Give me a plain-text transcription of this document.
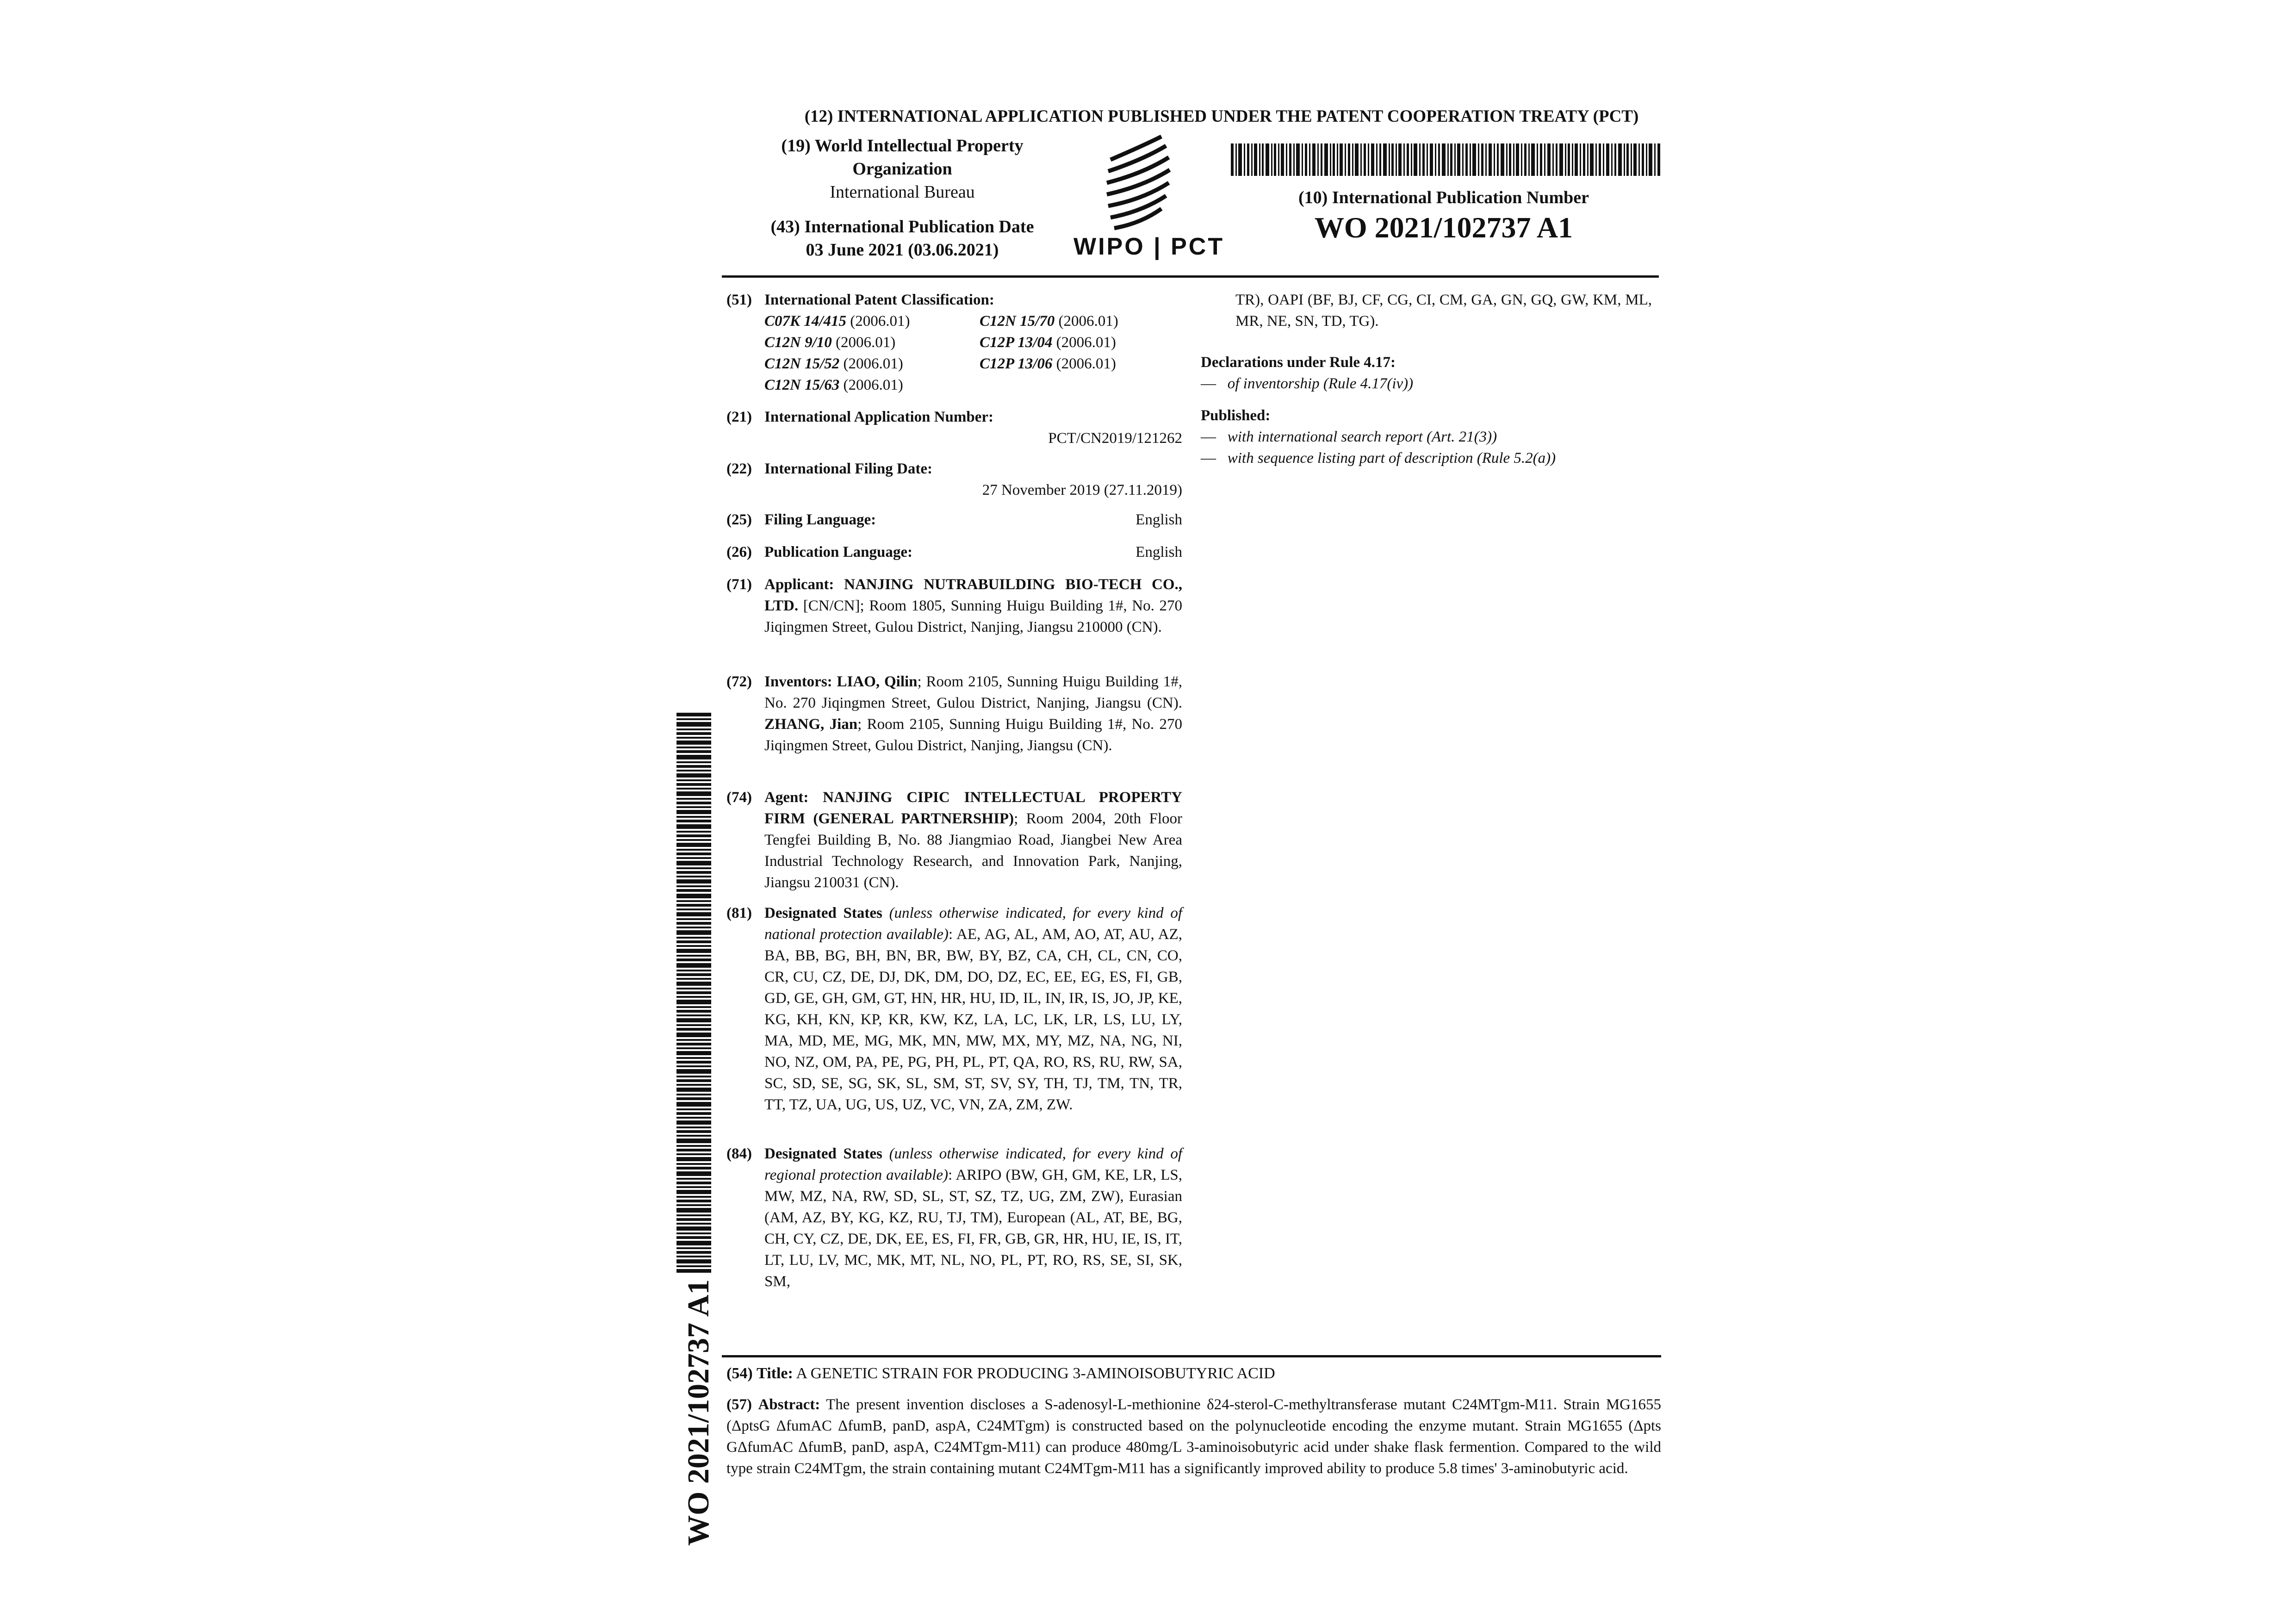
(12) INTERNATIONAL APPLICATION PUBLISHED UNDER THE PATENT COOPERATION TREATY (PCT)
(19) World Intellectual Property
Organization
International Bureau
(43) International Publication Date
03 June 2021 (03.06.2021)	WIPO | PCT
(10) International Publication Number
WO 2021/102737 A1
(51) International Patent Classification:
C07K 14/415 (2006.01)	C12N 15/70 (2006.01)
C12N 9/10 (2006.01)	C12P 13/04 (2006.01)
C12N 15/52 (2006.01)	C12P 13/06 (2006.01)
C12N 15/63 (2006.01)
(21) International Application Number:
PCT/CN2019/121262
(22) International Filing Date:
27 November 2019 (27.11.2019)
(25) Filing Language:	English
(26) Publication Language:	English
(71) Applicant: NANJING NUTRABUILDING BIO-TECH CO., LTD. [CN/CN]; Room 1805, Sunning Huigu Building 1#, No. 270 Jiqingmen Street, Gulou District, Nanjing, Jiangsu 210000 (CN).
(72) Inventors: LIAO, Qilin; Room 2105, Sunning Huigu Building 1#, No. 270 Jiqingmen Street, Gulou District, Nanjing, Jiangsu (CN). ZHANG, Jian; Room 2105, Sunning Huigu Building 1#, No. 270 Jiqingmen Street, Gulou District, Nanjing, Jiangsu (CN).
(74) Agent: NANJING CIPIC INTELLECTUAL PROPERTY FIRM (GENERAL PARTNERSHIP); Room 2004, 20th Floor Tengfei Building B, No. 88 Jiangmiao Road, Jiangbei New Area Industrial Technology Research, and Innovation Park, Nanjing, Jiangsu 210031 (CN).
(81) Designated States (unless otherwise indicated, for every kind of national protection available): AE, AG, AL, AM, AO, AT, AU, AZ, BA, BB, BG, BH, BN, BR, BW, BY, BZ, CA, CH, CL, CN, CO, CR, CU, CZ, DE, DJ, DK, DM, DO, DZ, EC, EE, EG, ES, FI, GB, GD, GE, GH, GM, GT, HN, HR, HU, ID, IL, IN, IR, IS, JO, JP, KE, KG, KH, KN, KP, KR, KW, KZ, LA, LC, LK, LR, LS, LU, LY, MA, MD, ME, MG, MK, MN, MW, MX, MY, MZ, NA, NG, NI, NO, NZ, OM, PA, PE, PG, PH, PL, PT, QA, RO, RS, RU, RW, SA, SC, SD, SE, SG, SK, SL, SM, ST, SV, SY, TH, TJ, TM, TN, TR, TT, TZ, UA, UG, US, UZ, VC, VN, ZA, ZM, ZW.
(84) Designated States (unless otherwise indicated, for every kind of regional protection available): ARIPO (BW, GH, GM, KE, LR, LS, MW, MZ, NA, RW, SD, SL, ST, SZ, TZ, UG, ZM, ZW), Eurasian (AM, AZ, BY, KG, KZ, RU, TJ, TM), European (AL, AT, BE, BG, CH, CY, CZ, DE, DK, EE, ES, FI, FR, GB, GR, HR, HU, IE, IS, IT, LT, LU, LV, MC, MK, MT, NL, NO, PL, PT, RO, RS, SE, SI, SK, SM,
TR), OAPI (BF, BJ, CF, CG, CI, CM, GA, GN, GQ, GW, KM, ML, MR, NE, SN, TD, TG).
Declarations under Rule 4.17:
— of inventorship (Rule 4.17(iv))
Published:
— with international search report (Art. 21(3))
— with sequence listing part of description (Rule 5.2(a))
WO 2021/102737 A1 (54) Title: A GENETIC STRAIN FOR PRODUCING 3-AMINOISOBUTYRIC ACID
(57) Abstract: The present invention discloses a S-adenosyl-L-methionine δ24-sterol-C-methyltransferase mutant C24MTgm-M11. Strain MG1655 (ΔptsG ΔfumAC ΔfumB, panD, aspA, C24MTgm) is constructed based on the polynucleotide encoding the enzyme mutant. Strain MG1655 (Δpts GΔfumAC ΔfumB, panD, aspA, C24MTgm-M11) can produce 480mg/L 3-aminoisobutyric acid under shake flask fermention. Compared to the wild type strain C24MTgm, the strain containing mutant C24MTgm-M11 has a significantly improved ability to produce 5.8 times' 3-aminobutyric acid.
